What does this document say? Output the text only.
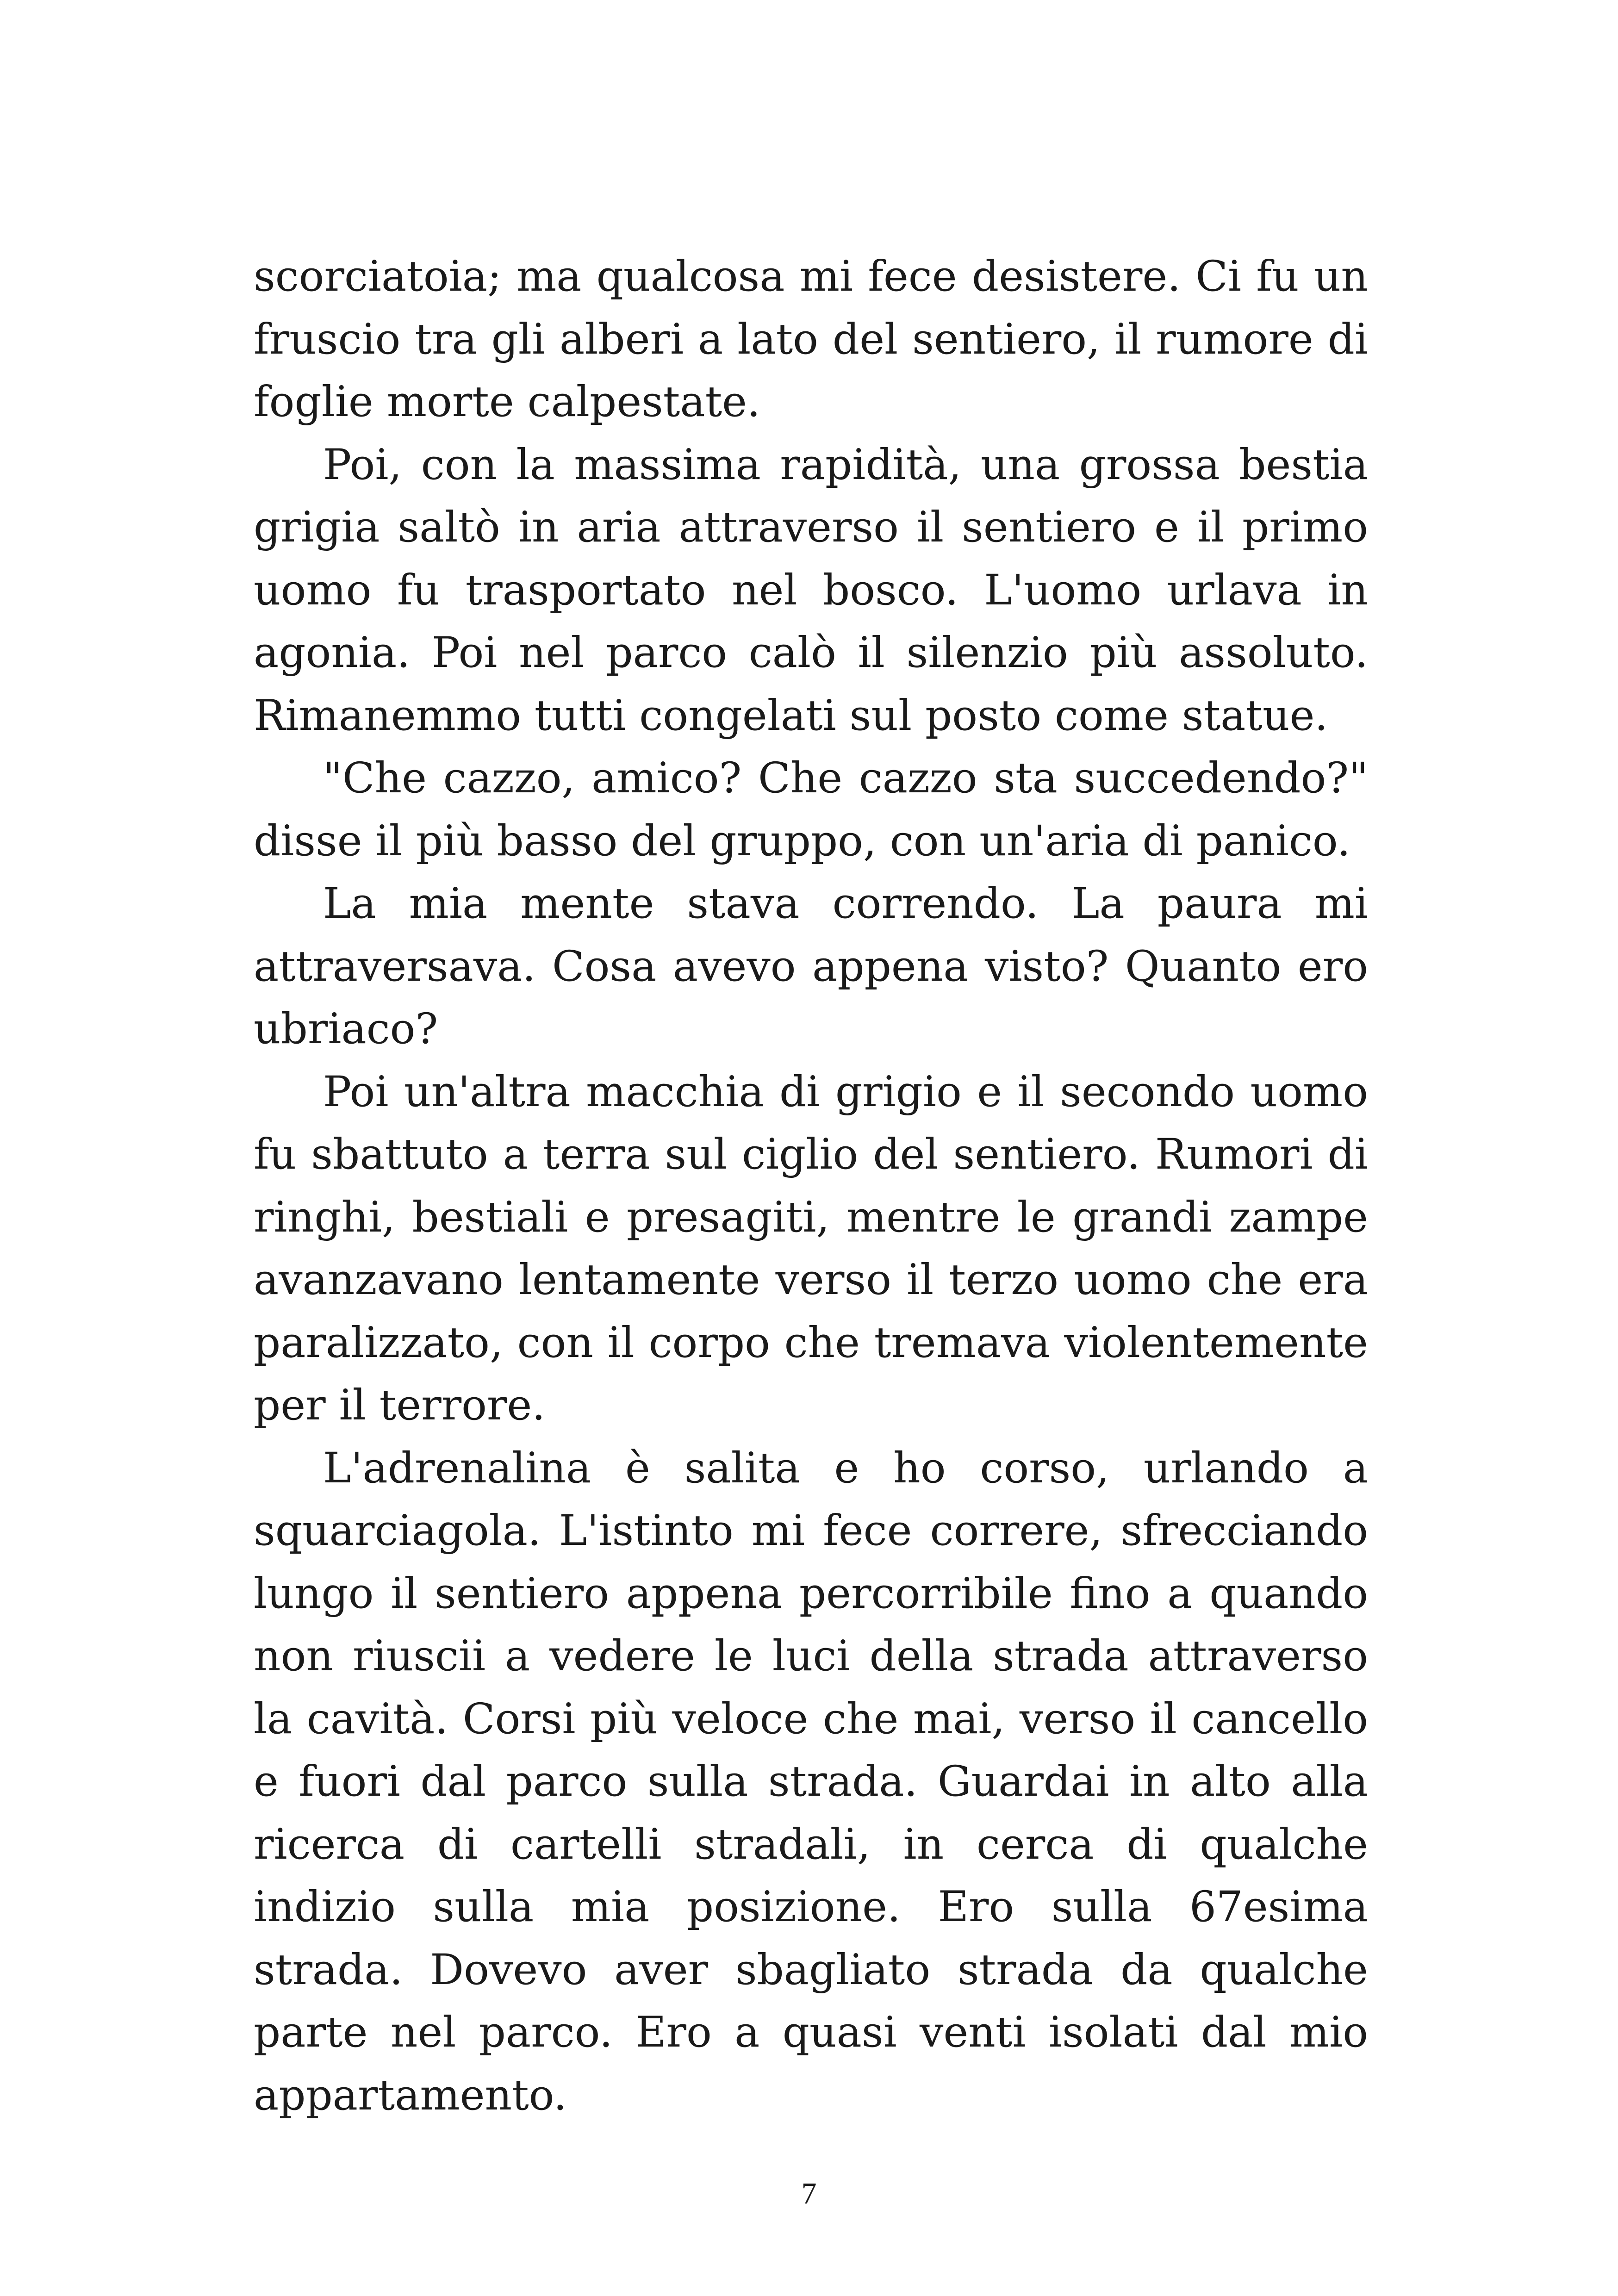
scorciatoia; ma qualcosa mi fece desistere. Ci fu un fruscio tra gli alberi a lato del sentiero, il rumore di foglie morte calpestate.

Poi, con la massima rapidità, una grossa bestia grigia saltò in aria attraverso il sentiero e il primo uomo fu trasportato nel bosco. L'uomo urlava in agonia. Poi nel parco calò il silenzio più assoluto. Rimanemmo tutti congelati sul posto come statue.

"Che cazzo, amico? Che cazzo sta succedendo?" disse il più basso del gruppo, con un'aria di panico.

La mia mente stava correndo. La paura mi attraversava. Cosa avevo appena visto? Quanto ero ubriaco?

Poi un'altra macchia di grigio e il secondo uomo fu sbattuto a terra sul ciglio del sentiero. Rumori di ringhi, bestiali e presagiti, mentre le grandi zampe avanzavano lentamente verso il terzo uomo che era paralizzato, con il corpo che tremava violentemente per il terrore.

L'adrenalina è salita e ho corso, urlando a squarciagola. L'istinto mi fece correre, sfrecciando lungo il sentiero appena percorribile fino a quando non riuscii a vedere le luci della strada attraverso la cavità. Corsi più veloce che mai, verso il cancello e fuori dal parco sulla strada. Guardai in alto alla ricerca di cartelli stradali, in cerca di qualche indizio sulla mia posizione. Ero sulla 67esima strada. Dovevo aver sbagliato strada da qualche parte nel parco. Ero a quasi venti isolati dal mio appartamento.

7
